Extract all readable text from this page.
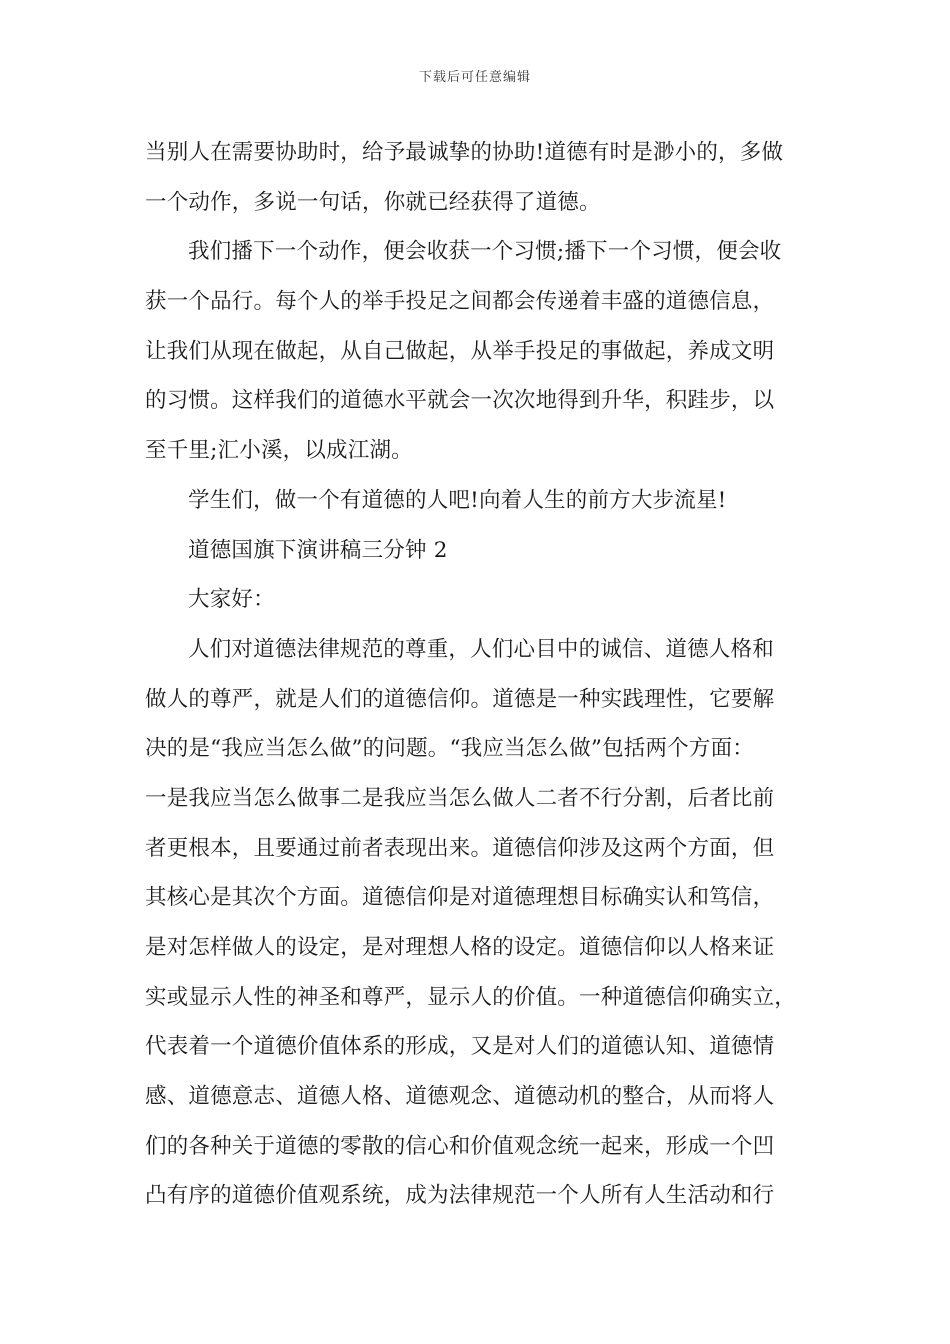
下载后可任意编辑
当别人在需要协助时，给予最诚挚的协助!道德有时是渺小的，多做
一个动作，多说一句话，你就已经获得了道德。
我们播下一个动作，便会收获一个习惯;播下一个习惯，便会收
获一个品行。每个人的举手投足之间都会传递着丰盛的道德信息，
让我们从现在做起，从自己做起，从举手投足的事做起，养成文明
的习惯。这样我们的道德水平就会一次次地得到升华，积跬步，以
至千里;汇小溪，以成江湖。
学生们，做一个有道德的人吧!向着人生的前方大步流星!
道德国旗下演讲稿三分钟 2
大家好：
人们对道德法律规范的尊重，人们心目中的诚信、道德人格和
做人的尊严，就是人们的道德信仰。道德是一种实践理性，它要解
决的是“我应当怎么做”的问题。“我应当怎么做”包括两个方面：
一是我应当怎么做事二是我应当怎么做人二者不行分割，后者比前
者更根本，且要通过前者表现出来。道德信仰涉及这两个方面，但
其核心是其次个方面。道德信仰是对道德理想目标确实认和笃信，
是对怎样做人的设定，是对理想人格的设定。道德信仰以人格来证
实或显示人性的神圣和尊严，显示人的价值。一种道德信仰确实立，
代表着一个道德价值体系的形成，又是对人们的道德认知、道德情
感、道德意志、道德人格、道德观念、道德动机的整合，从而将人
们的各种关于道德的零散的信心和价值观念统一起来，形成一个凹
凸有序的道德价值观系统，成为法律规范一个人所有人生活动和行
